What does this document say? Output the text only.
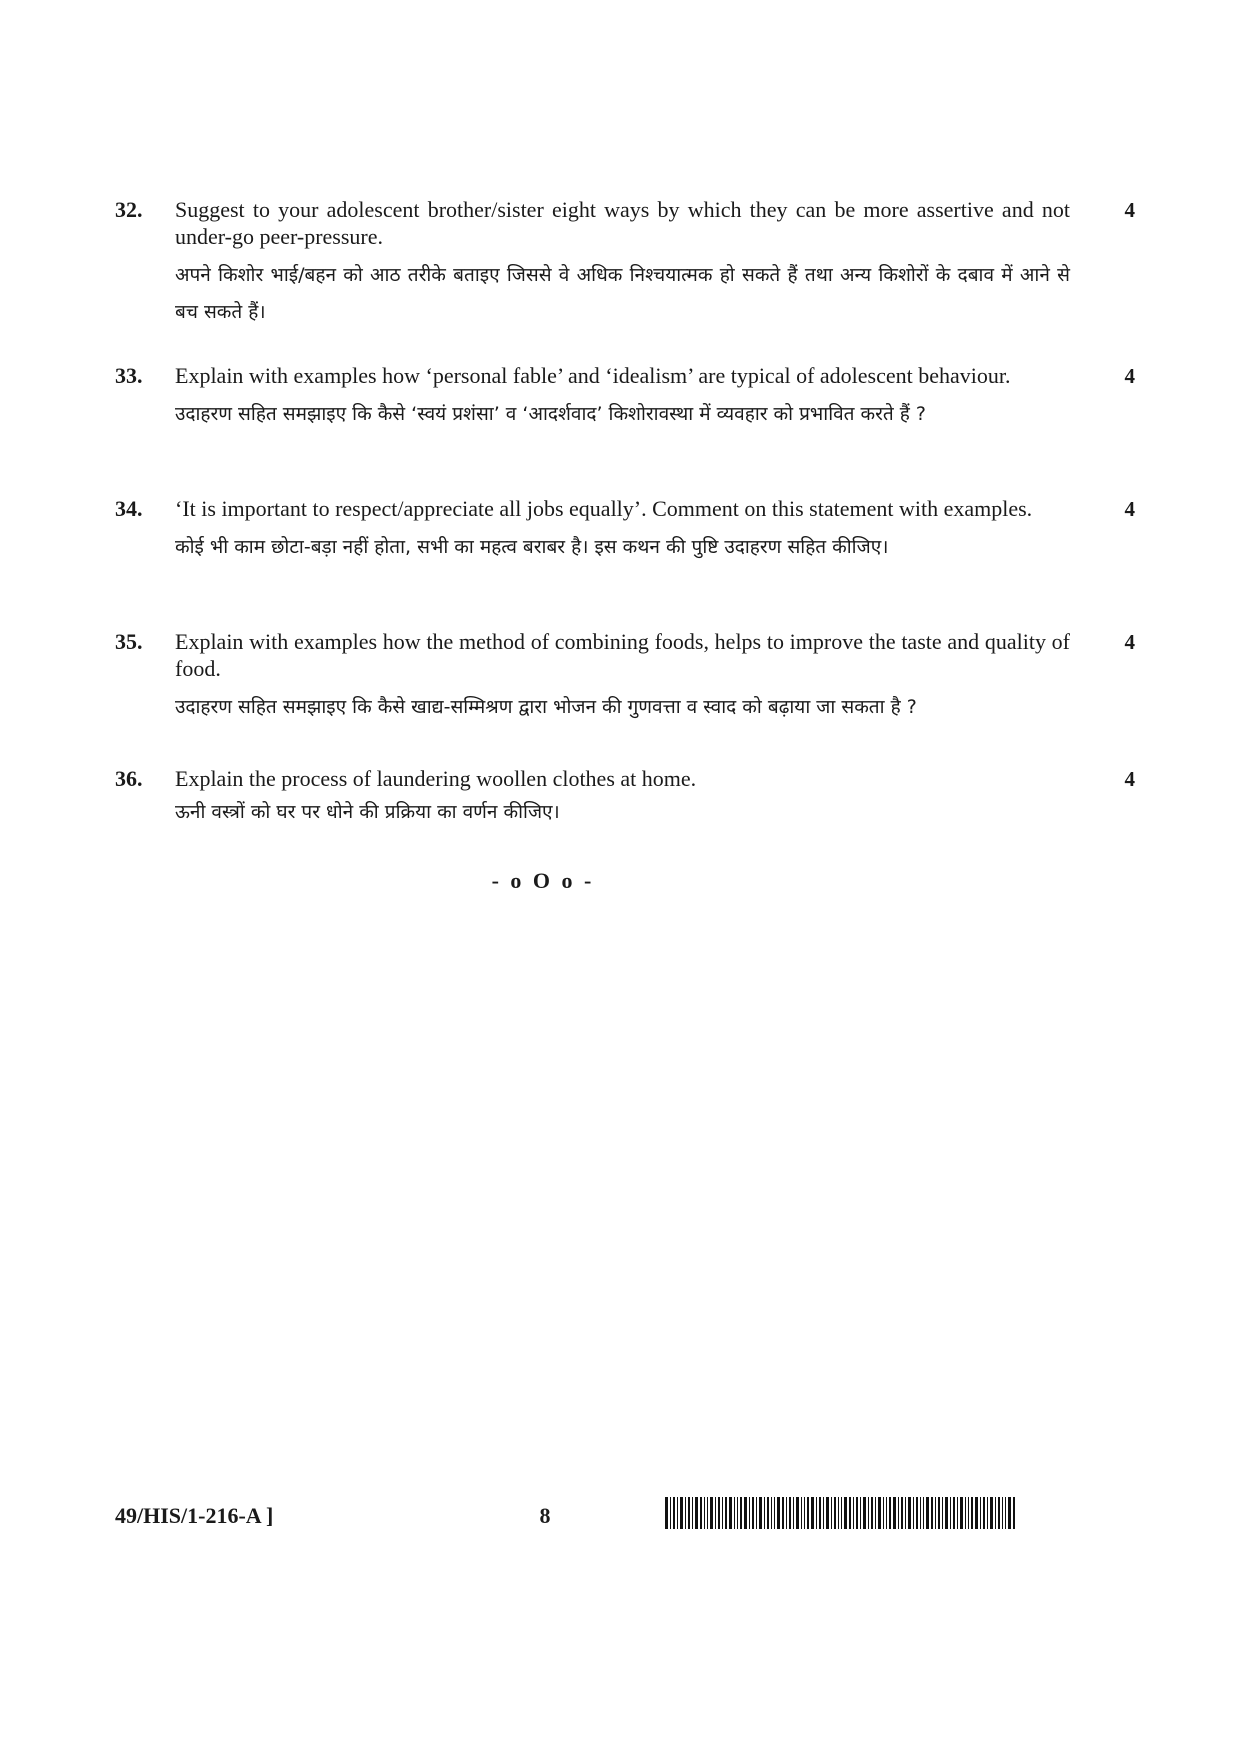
32.	Suggest to your adolescent brother/sister eight ways by which they can be more assertive and not under-go peer-pressure.

अपने किशोर भाई/बहन को आठ तरीके बताइए जिससे वे अधिक निश्चयात्मक हो सकते हैं तथा अन्य किशोरों के दबाव में आने से बच सकते हैं।

4
33.	Explain with examples how ‘personal fable’ and ‘idealism’ are typical of adolescent behaviour.

उदाहरण सहित समझाइए कि कैसे ‘स्वयं प्रशंसा’ व ‘आदर्शवाद’ किशोरावस्था में व्यवहार को प्रभावित करते हैं ?

4
34.	‘It is important to respect/appreciate all jobs equally’. Comment on this statement with examples.

कोई भी काम छोटा-बड़ा नहीं होता, सभी का महत्व बराबर है। इस कथन की पुष्टि उदाहरण सहित कीजिए।

4
35.	Explain with examples how the method of combining foods, helps to improve the taste and quality of food.

उदाहरण सहित समझाइए कि कैसे खाद्य-सम्मिश्रण द्वारा भोजन की गुणवत्ता व स्वाद को बढ़ाया जा सकता है ?

4
36.	Explain the process of laundering woollen clothes at home.

ऊनी वस्त्रों को घर पर धोने की प्रक्रिया का वर्णन कीजिए।

4
- o O o -
49/HIS/1-216-A ]	8
